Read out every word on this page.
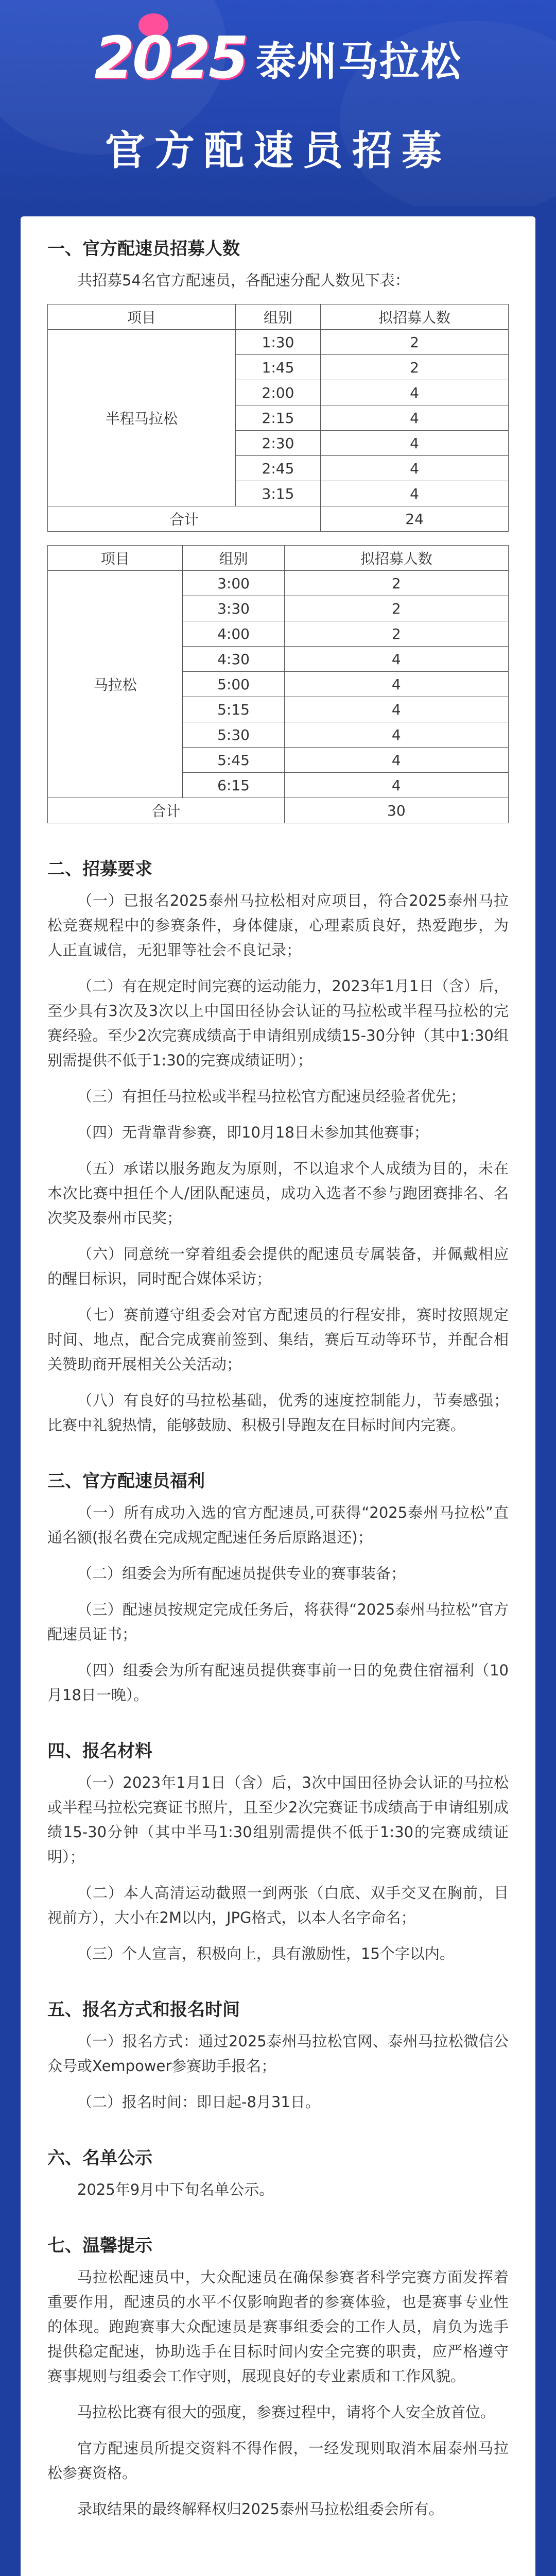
2025 泰州马拉松
官方配速员招募
一、官方配速员招募人数

共招募54名官方配速员，各配速分配人数见下表：

项目	组别	拟招募人数
半程马拉松	1:30	2
	1:45	2
	2:00	4
	2:15	4
	2:30	4
	2:45	4
	3:15	4
合计		24
项目	组别	拟招募人数
马拉松	3:00	2
	3:30	2
	4:00	2
	4:30	4
	5:00	4
	5:15	4
	5:30	4
	5:45	4
	6:15	4
合计		30
二、招募要求

（一）已报名2025泰州马拉松相对应项目，符合2025泰州马拉松竞赛规程中的参赛条件，身体健康，心理素质良好，热爱跑步，为人正直诚信，无犯罪等社会不良记录；

（二）有在规定时间完赛的运动能力，2023年1月1日（含）后，至少具有3次及3次以上中国田径协会认证的马拉松或半程马拉松的完赛经验。至少2次完赛成绩高于申请组别成绩15-30分钟（其中1:30组别需提供不低于1:30的完赛成绩证明）；

（三）有担任马拉松或半程马拉松官方配速员经验者优先；

（四）无背靠背参赛，即10月18日未参加其他赛事；

（五）承诺以服务跑友为原则，不以追求个人成绩为目的，未在本次比赛中担任个人/团队配速员，成功入选者不参与跑团赛排名、名次奖及泰州市民奖；

（六）同意统一穿着组委会提供的配速员专属装备，并佩戴相应的醒目标识，同时配合媒体采访；

（七）赛前遵守组委会对官方配速员的行程安排，赛时按照规定时间、地点，配合完成赛前签到、集结，赛后互动等环节，并配合相关赞助商开展相关公关活动；

（八）有良好的马拉松基础，优秀的速度控制能力，节奏感强；比赛中礼貌热情，能够鼓励、积极引导跑友在目标时间内完赛。

三、官方配速员福利

（一）所有成功入选的官方配速员,可获得“2025泰州马拉松”直通名额(报名费在完成规定配速任务后原路退还)；

（二）组委会为所有配速员提供专业的赛事装备；

（三）配速员按规定完成任务后，将获得“2025泰州马拉松”官方配速员证书；

（四）组委会为所有配速员提供赛事前一日的免费住宿福利（10月18日一晚）。

四、报名材料

（一）2023年1月1日（含）后，3次中国田径协会认证的马拉松或半程马拉松完赛证书照片，且至少2次完赛证书成绩高于申请组别成绩15-30分钟（其中半马1:30组别需提供不低于1:30的完赛成绩证明）；

（二）本人高清运动截照一到两张（白底、双手交叉在胸前，目视前方），大小在2M以内，JPG格式，以本人名字命名；

（三）个人宣言，积极向上，具有激励性，15个字以内。

五、报名方式和报名时间

（一）报名方式：通过2025泰州马拉松官网、泰州马拉松微信公众号或Xempower参赛助手报名；

（二）报名时间：即日起-8月31日。

六、名单公示

2025年9月中下旬名单公示。

七、温馨提示

马拉松配速员中，大众配速员在确保参赛者科学完赛方面发挥着重要作用，配速员的水平不仅影响跑者的参赛体验，也是赛事专业性的体现。跑跑赛事大众配速员是赛事组委会的工作人员，肩负为选手提供稳定配速，协助选手在目标时间内安全完赛的职责，应严格遵守赛事规则与组委会工作守则，展现良好的专业素质和工作风貌。

马拉松比赛有很大的强度，参赛过程中，请将个人安全放首位。

官方配速员所提交资料不得作假，一经发现则取消本届泰州马拉松参赛资格。

录取结果的最终解释权归2025泰州马拉松组委会所有。
